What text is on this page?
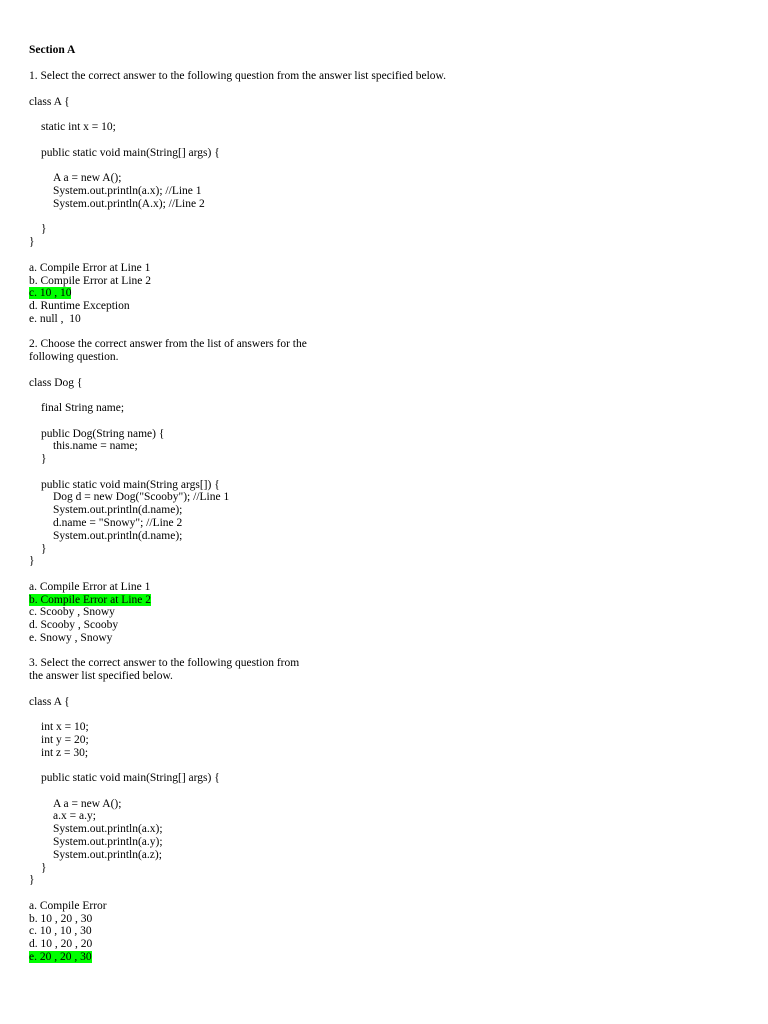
Section A
1. Select the correct answer to the following question from the answer list specified below.
class A {
static int x = 10;
public static void main(String[] args) {
A a = new A();
System.out.println(a.x); //Line 1
System.out.println(A.x); //Line 2
}
}
a. Compile Error at Line 1
b. Compile Error at Line 2
c. 10 , 10
d. Runtime Exception
e. null ,  10
2. Choose the correct answer from the list of answers for the
following question.
class Dog {
final String name;
public Dog(String name) {
this.name = name;
}
public static void main(String args[]) {
Dog d = new Dog("Scooby"); //Line 1
System.out.println(d.name);
d.name = "Snowy"; //Line 2
System.out.println(d.name);
}
}
a. Compile Error at Line 1
b. Compile Error at Line 2
c. Scooby , Snowy
d. Scooby , Scooby
e. Snowy , Snowy
3. Select the correct answer to the following question from
the answer list specified below.
class A {
int x = 10;
int y = 20;
int z = 30;
public static void main(String[] args) {
A a = new A();
a.x = a.y;
System.out.println(a.x);
System.out.println(a.y);
System.out.println(a.z);
}
}
a. Compile Error
b. 10 , 20 , 30
c. 10 , 10 , 30
d. 10 , 20 , 20
e. 20 , 20 , 30
